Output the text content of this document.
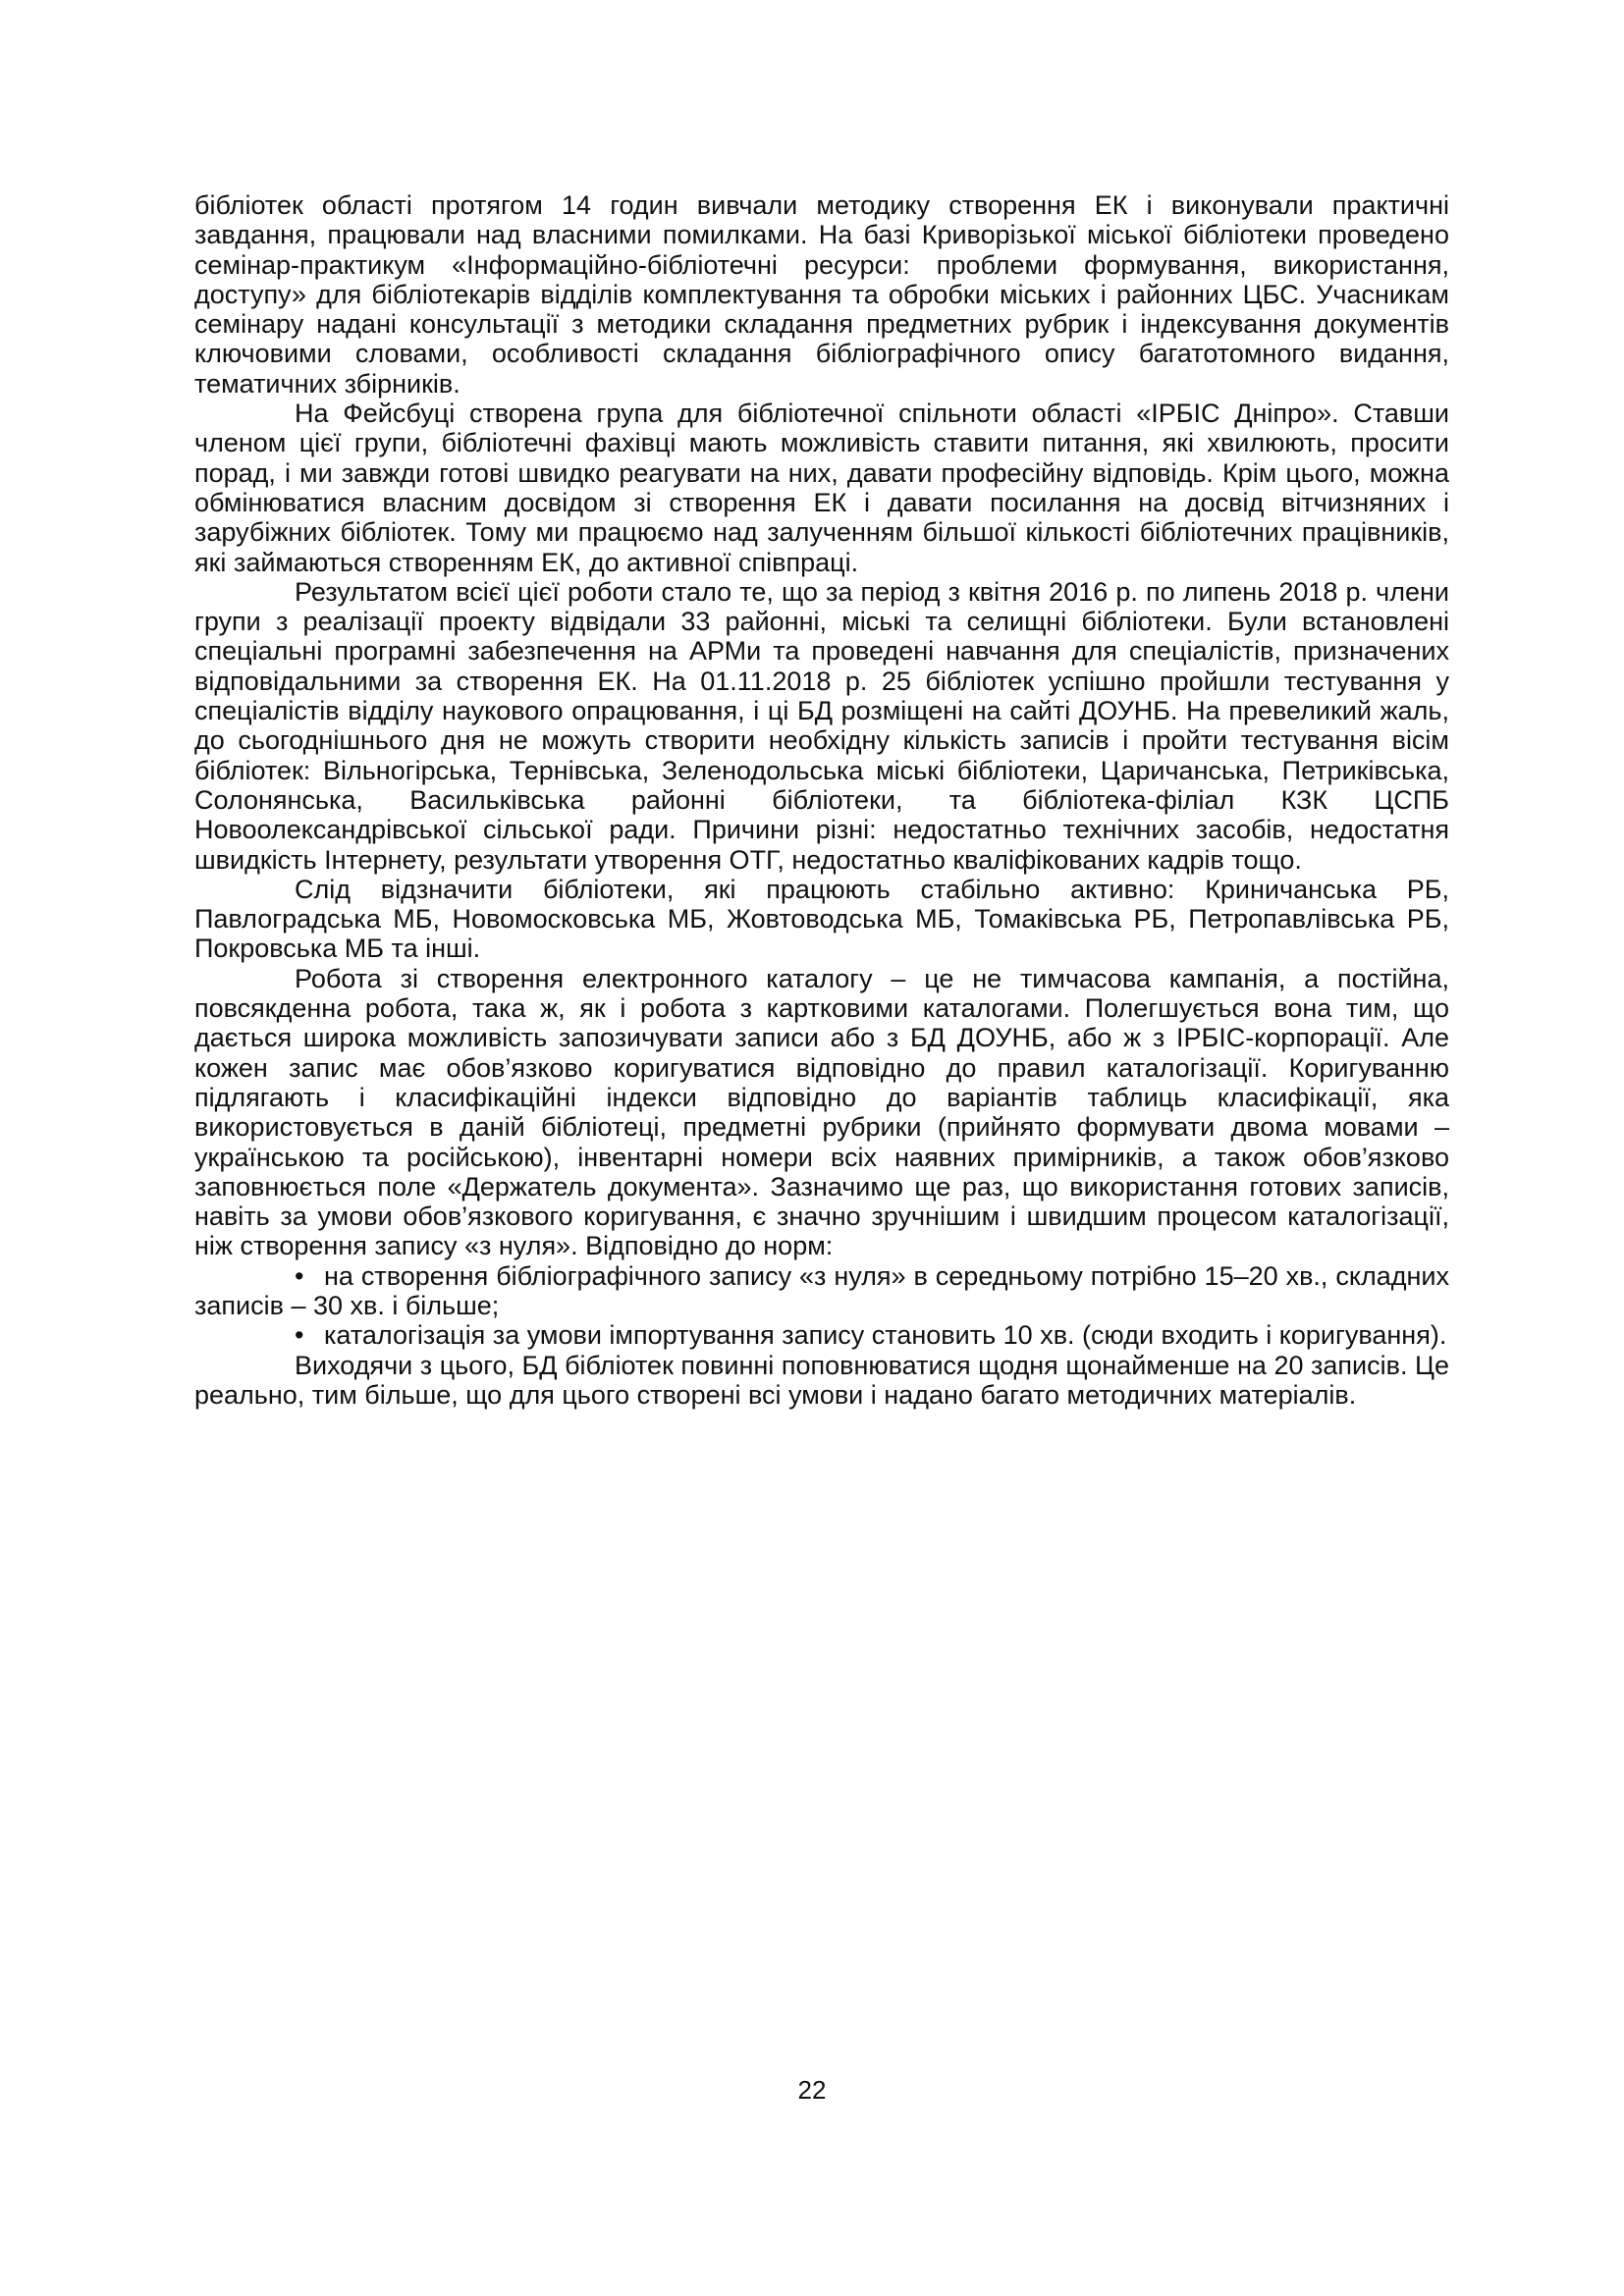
бібліотек області протягом 14 годин вивчали методику створення ЕК і виконували практичні завдання, працювали над власними помилками. На базі Криворізької міської бібліотеки проведено семінар-практикум «Інформаційно-бібліотечні ресурси: проблеми формування, використання, доступу» для бібліотекарів відділів комплектування та обробки міських і районних ЦБС. Учасникам семінару надані консультації з методики складання предметних рубрик і індексування документів ключовими словами, особливості складання бібліографічного опису багатотомного видання, тематичних збірників.

На Фейсбуці створена група для бібліотечної спільноти області «ІРБІС Дніпро». Ставши членом цієї групи, бібліотечні фахівці мають можливість ставити питання, які хвилюють, просити порад, і ми завжди готові швидко реагувати на них, давати професійну відповідь. Крім цього, можна обмінюватися власним досвідом зі створення ЕК і давати посилання на досвід вітчизняних і зарубіжних бібліотек. Тому ми працюємо над залученням більшої кількості бібліотечних працівників, які займаються створенням ЕК, до активної співпраці.

Результатом всієї цієї роботи стало те, що за період з квітня 2016 р. по липень 2018 р. члени групи з реалізації проекту відвідали 33 районні, міські та селищні бібліотеки. Були встановлені спеціальні програмні забезпечення на АРМи та проведені навчання для спеціалістів, призначених відповідальними за створення ЕК. На 01.11.2018 р. 25 бібліотек успішно пройшли тестування у спеціалістів відділу наукового опрацювання, і ці БД розміщені на сайті ДОУНБ. На превеликий жаль, до сьогоднішнього дня не можуть створити необхідну кількість записів і пройти тестування вісім бібліотек: Вільногірська, Тернівська, Зеленодольська міські бібліотеки, Царичанська, Петриківська, Солонянська, Васильківська районні бібліотеки, та бібліотека-філіал КЗК ЦСПБ Новоолександрівської сільської ради. Причини різні: недостатньо технічних засобів, недостатня швидкість Інтернету, результати утворення ОТГ, недостатньо кваліфікованих кадрів тощо.

Слід відзначити бібліотеки, які працюють стабільно активно: Криничанська РБ, Павлоградська МБ, Новомосковська МБ, Жовтоводська МБ, Томаківська РБ, Петропавлівська РБ, Покровська МБ та інші.

Робота зі створення електронного каталогу – це не тимчасова кампанія, а постійна, повсякденна робота, така ж, як і робота з картковими каталогами. Полегшується вона тим, що дається широка можливість запозичувати записи або з БД ДОУНБ, або ж з ІРБІС-корпорації. Але кожен запис має обов’язково коригуватися відповідно до правил каталогізації. Коригуванню підлягають і класифікаційні індекси відповідно до варіантів таблиць класифікації, яка використовується в даній бібліотеці, предметні рубрики (прийнято формувати двома мовами – українською та російською), інвентарні номери всіх наявних примірників, а також обов’язково заповнюється поле «Держатель документа». Зазначимо ще раз, що використання готових записів, навіть за умови обов’язкового коригування, є значно зручнішим і швидшим процесом каталогізації, ніж створення запису «з нуля». Відповідно до норм:

• на створення бібліографічного запису «з нуля» в середньому потрібно 15–20 хв., складних записів – 30 хв. і більше;

• каталогізація за умови імпортування запису становить 10 хв. (сюди входить і коригування).

Виходячи з цього, БД бібліотек повинні поповнюватися щодня щонайменше на 20 записів. Це реально, тим більше, що для цього створені всі умови і надано багато методичних матеріалів.

22
